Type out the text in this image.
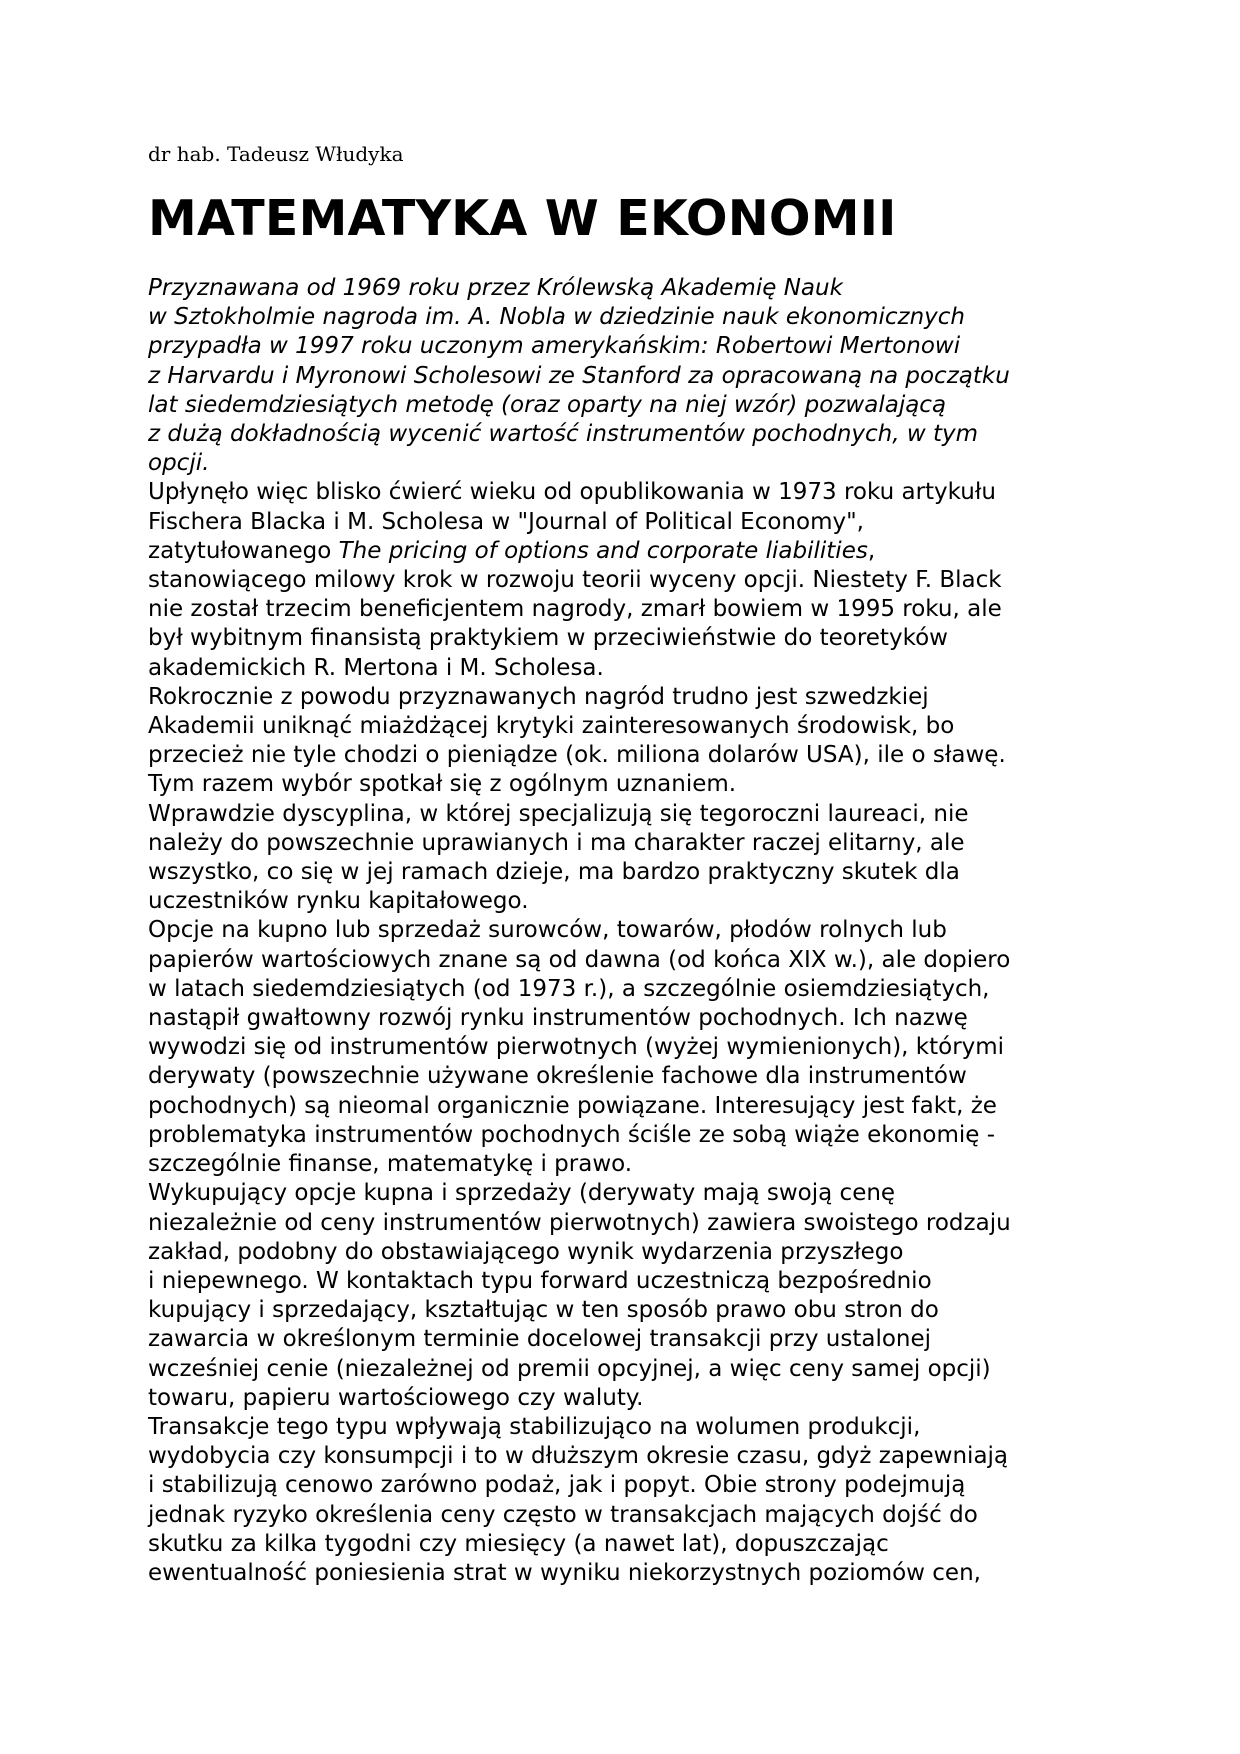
dr hab. Tadeusz Włudyka
MATEMATYKA W EKONOMII
Przyznawana od 1969 roku przez Królewską Akademię Nauk
w Sztokholmie nagroda im. A. Nobla w dziedzinie nauk ekonomicznych
przypadła w 1997 roku uczonym amerykańskim: Robertowi Mertonowi
z Harvardu i Myronowi Scholesowi ze Stanford za opracowaną na początku
lat siedemdziesiątych metodę (oraz oparty na niej wzór) pozwalającą
z dużą dokładnością wycenić wartość instrumentów pochodnych, w tym
opcji.
Upłynęło więc blisko ćwierć wieku od opublikowania w 1973 roku artykułu
Fischera Blacka i M. Scholesa w "Journal of Political Economy",
zatytułowanego The pricing of options and corporate liabilities,
stanowiącego milowy krok w rozwoju teorii wyceny opcji. Niestety F. Black
nie został trzecim beneficjentem nagrody, zmarł bowiem w 1995 roku, ale
był wybitnym finansistą praktykiem w przeciwieństwie do teoretyków
akademickich R. Mertona i M. Scholesa.
Rokrocznie z powodu przyznawanych nagród trudno jest szwedzkiej
Akademii uniknąć miażdżącej krytyki zainteresowanych środowisk, bo
przecież nie tyle chodzi o pieniądze (ok. miliona dolarów USA), ile o sławę.
Tym razem wybór spotkał się z ogólnym uznaniem.
Wprawdzie dyscyplina, w której specjalizują się tegoroczni laureaci, nie
należy do powszechnie uprawianych i ma charakter raczej elitarny, ale
wszystko, co się w jej ramach dzieje, ma bardzo praktyczny skutek dla
uczestników rynku kapitałowego.
Opcje na kupno lub sprzedaż surowców, towarów, płodów rolnych lub
papierów wartościowych znane są od dawna (od końca XIX w.), ale dopiero
w latach siedemdziesiątych (od 1973 r.), a szczególnie osiemdziesiątych,
nastąpił gwałtowny rozwój rynku instrumentów pochodnych. Ich nazwę
wywodzi się od instrumentów pierwotnych (wyżej wymienionych), którymi
derywaty (powszechnie używane określenie fachowe dla instrumentów
pochodnych) są nieomal organicznie powiązane. Interesujący jest fakt, że
problematyka instrumentów pochodnych ściśle ze sobą wiąże ekonomię -
szczególnie finanse, matematykę i prawo.
Wykupujący opcje kupna i sprzedaży (derywaty mają swoją cenę
niezależnie od ceny instrumentów pierwotnych) zawiera swoistego rodzaju
zakład, podobny do obstawiającego wynik wydarzenia przyszłego
i niepewnego. W kontaktach typu forward uczestniczą bezpośrednio
kupujący i sprzedający, kształtując w ten sposób prawo obu stron do
zawarcia w określonym terminie docelowej transakcji przy ustalonej
wcześniej cenie (niezależnej od premii opcyjnej, a więc ceny samej opcji)
towaru, papieru wartościowego czy waluty.
Transakcje tego typu wpływają stabilizująco na wolumen produkcji,
wydobycia czy konsumpcji i to w dłuższym okresie czasu, gdyż zapewniają
i stabilizują cenowo zarówno podaż, jak i popyt. Obie strony podejmują
jednak ryzyko określenia ceny często w transakcjach mających dojść do
skutku za kilka tygodni czy miesięcy (a nawet lat), dopuszczając
ewentualność poniesienia strat w wyniku niekorzystnych poziomów cen,
